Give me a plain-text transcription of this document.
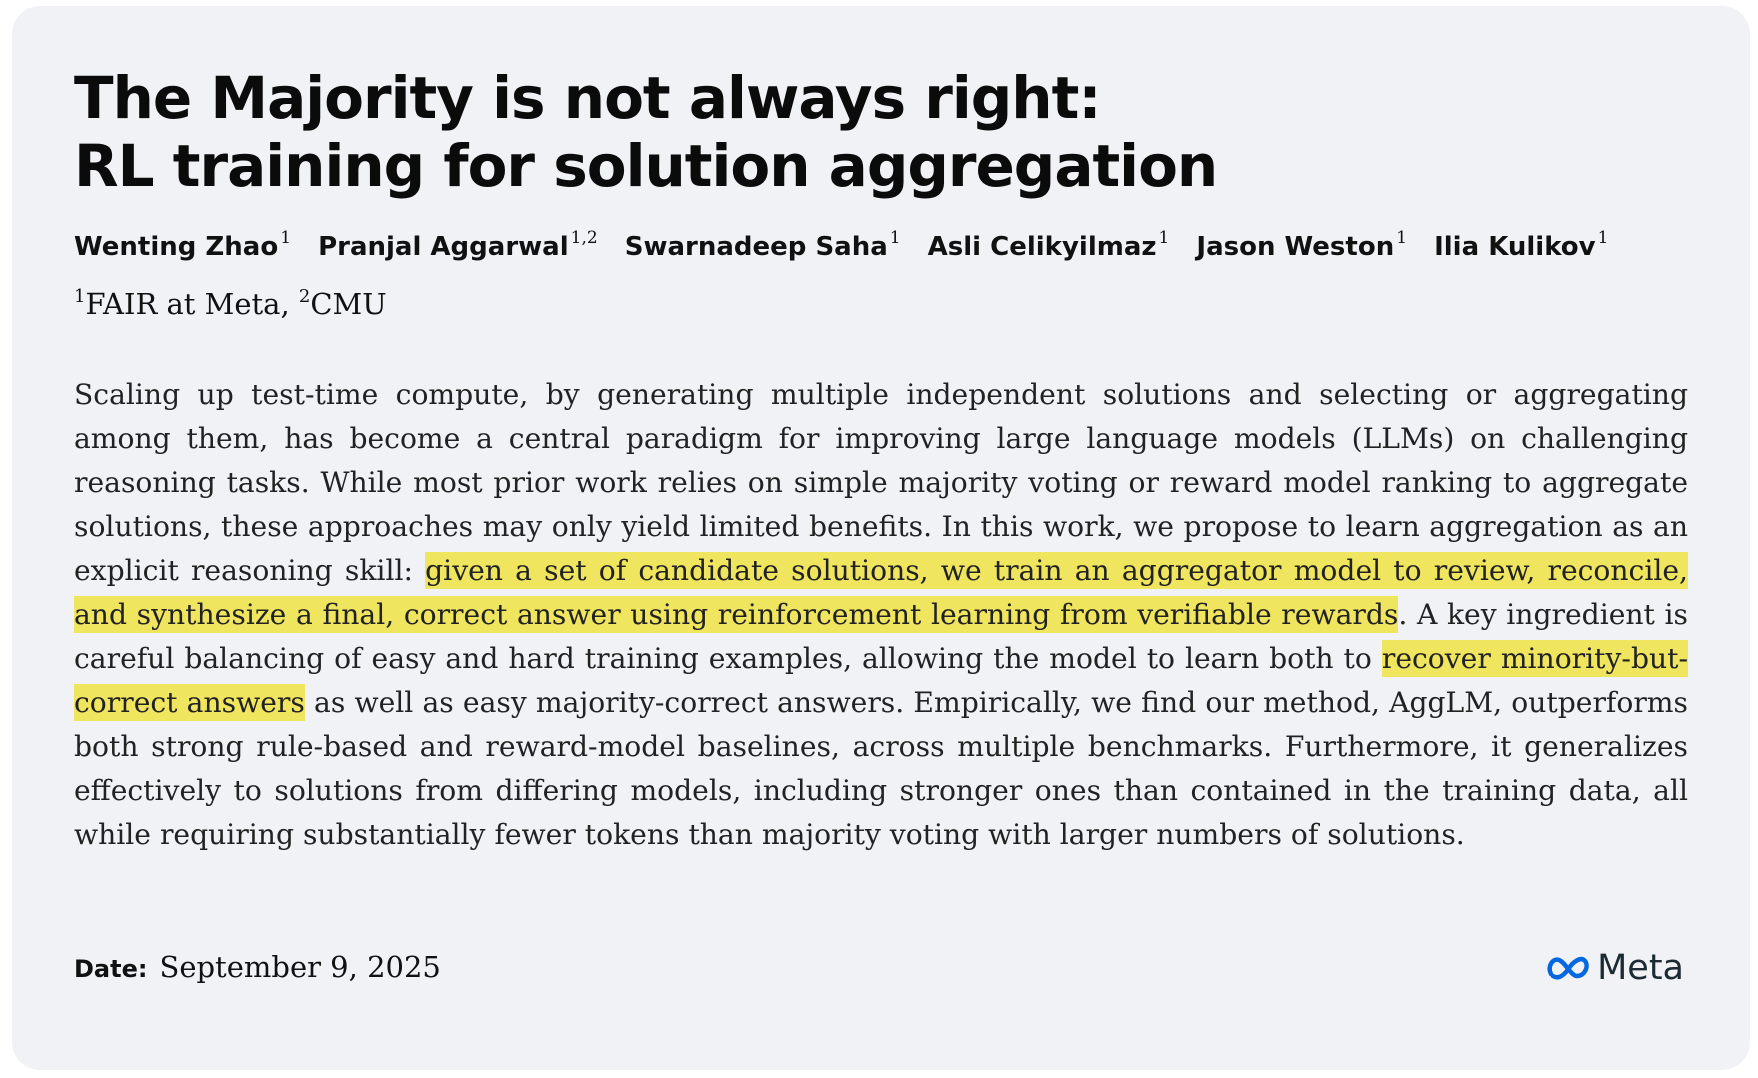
The Majority is not always right:
RL training for solution aggregation
Wenting Zhao $^1$ Pranjal Aggarwal $^{1,2}$ Swarnadeep Saha $^1$ Asli Celikyilmaz $^1$ Jason Weston $^1$ Ilia Kulikov $^1$
$^1$FAIR at Meta, $^2$CMU
Scaling up test-time compute, by generating multiple independent solutions and selecting or aggregating among them, has become a central paradigm for improving large language models (LLMs) on challenging reasoning tasks. While most prior work relies on simple majority voting or reward model ranking to aggregate solutions, these approaches may only yield limited benefits. In this work, we propose to learn aggregation as an explicit reasoning skill: given a set of candidate solutions, we train an aggregator model to review, reconcile, and synthesize a final, correct answer using reinforcement learning from verifiable rewards. A key ingredient is careful balancing of easy and hard training examples, allowing the model to learn both to recover minority-but-correct answers as well as easy majority-correct answers. Empirically, we find our method, AggLM, outperforms both strong rule-based and reward-model baselines, across multiple benchmarks. Furthermore, it generalizes effectively to solutions from differing models, including stronger ones than contained in the training data, all while requiring substantially fewer tokens than majority voting with larger numbers of solutions.
Date: September 9, 2025	Meta
